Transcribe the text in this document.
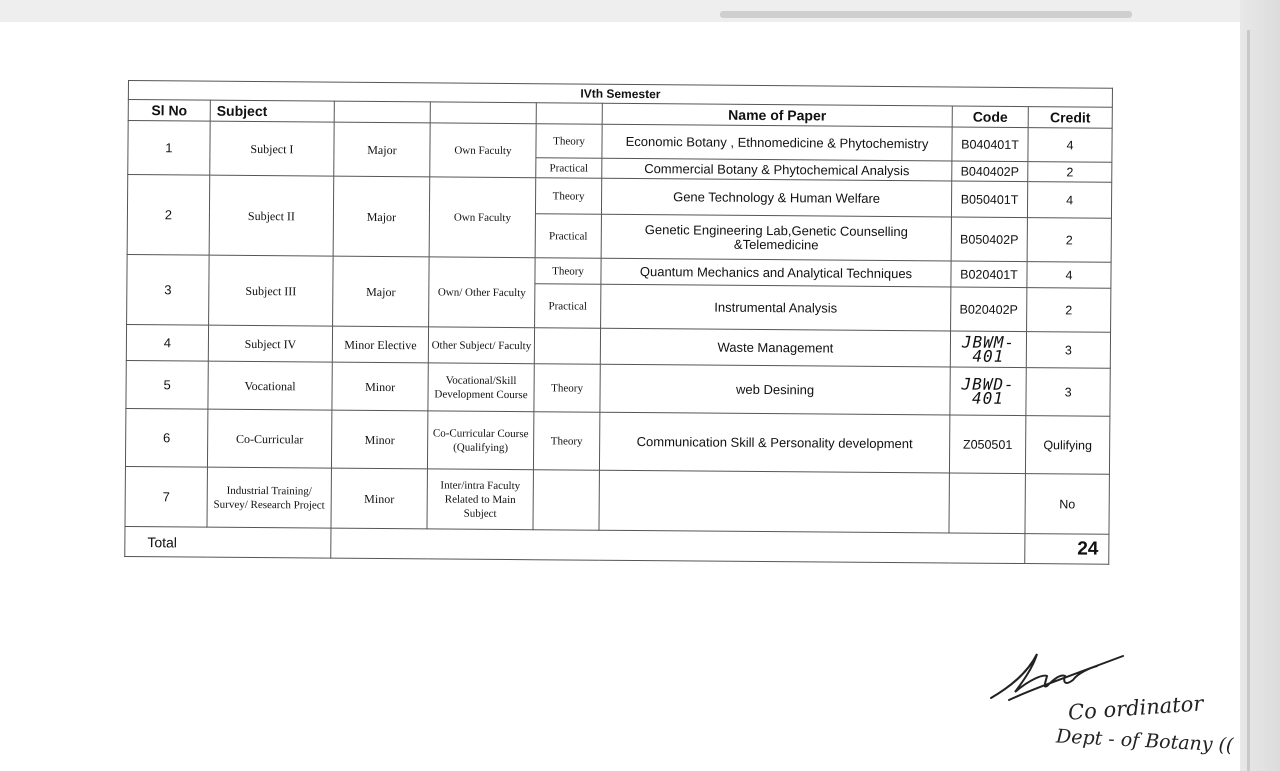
IVth Semester							
Sl No	Subject				Name of Paper	Code	Credit
1	Subject I	Major	Own Faculty	Theory	Economic Botany , Ethnomedicine & Phytochemistry	B040401T	4
				Practical	Commercial Botany & Phytochemical Analysis	B040402P	2
2	Subject II	Major	Own Faculty	Theory	Gene Technology & Human Welfare	B050401T	4
				Practical	Genetic Engineering Lab,Genetic Counselling &Telemedicine	B050402P	2
3	Subject III	Major	Own/ Other Faculty	Theory	Quantum Mechanics and Analytical Techniques	B020401T	4
				Practical	Instrumental Analysis	B020402P	2
4	Subject IV	Minor Elective	Other Subject/ Faculty		Waste Management	JBWM-401	3
5	Vocational	Minor	Vocational/Skill Development Course	Theory	web Desining	JBWD-401	3
6	Co-Curricular	Minor	Co-Curricular Course (Qualifying)	Theory	Communication Skill & Personality development	Z050501	Qulifying
7	Industrial Training/ Survey/ Research Project	Minor	Inter/intra Faculty Related to Main Subject				No
Total							24
Co ordinator
Dept - of Botany ((
